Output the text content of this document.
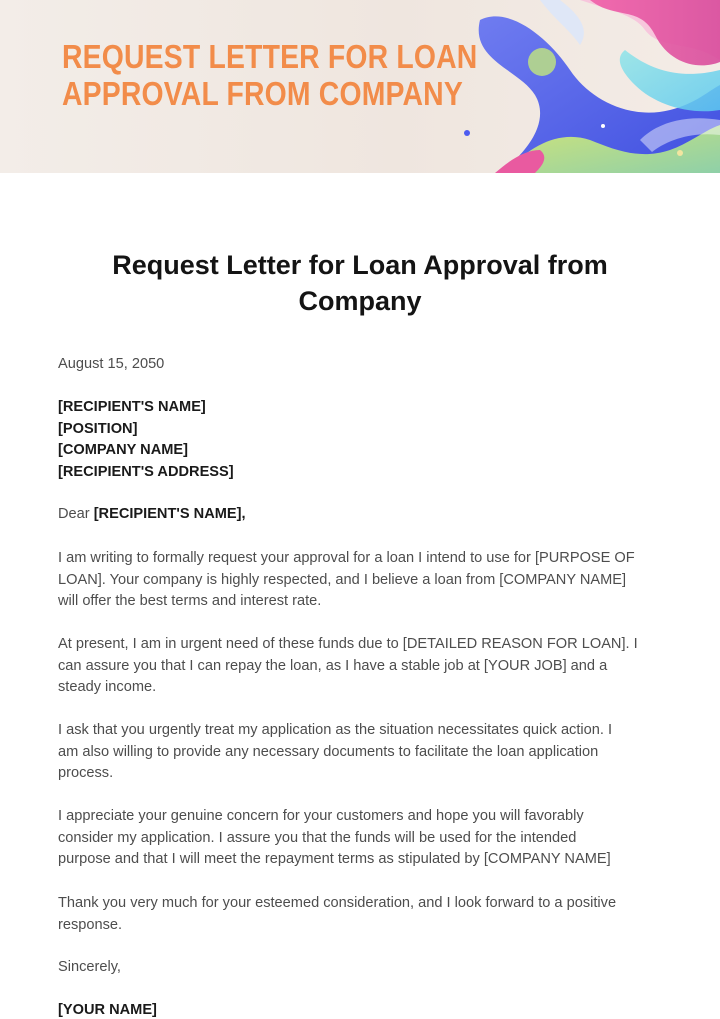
REQUEST LETTER FOR LOAN
APPROVAL FROM COMPANY
Request Letter for Loan Approval from
Company
August 15, 2050
[RECIPIENT'S NAME]
[POSITION]
[COMPANY NAME]
[RECIPIENT'S ADDRESS]
Dear [RECIPIENT'S NAME],
I am writing to formally request your approval for a loan I intend to use for [PURPOSE OF
LOAN]. Your company is highly respected, and I believe a loan from [COMPANY NAME]
will offer the best terms and interest rate.
At present, I am in urgent need of these funds due to [DETAILED REASON FOR LOAN]. I
can assure you that I can repay the loan, as I have a stable job at [YOUR JOB] and a
steady income.
I ask that you urgently treat my application as the situation necessitates quick action. I
am also willing to provide any necessary documents to facilitate the loan application
process.
I appreciate your genuine concern for your customers and hope you will favorably
consider my application. I assure you that the funds will be used for the intended
purpose and that I will meet the repayment terms as stipulated by [COMPANY NAME]
Thank you very much for your esteemed consideration, and I look forward to a positive
response.
Sincerely,
[YOUR NAME]
